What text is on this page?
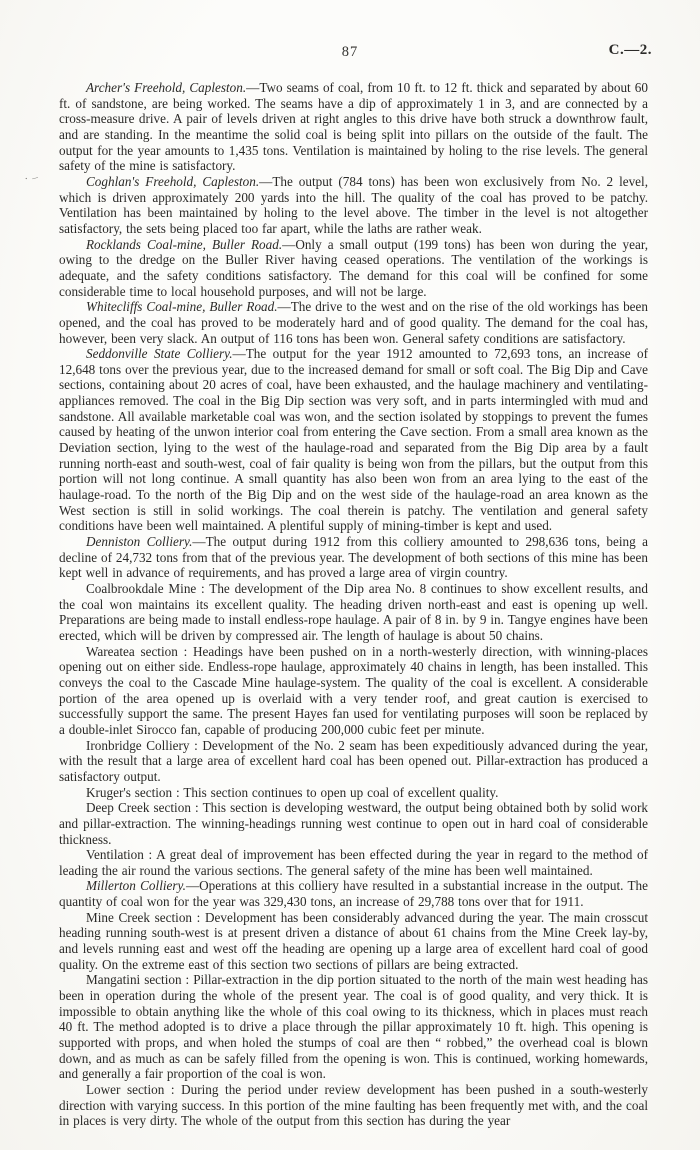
87	C.—2.
·﹘

Archer's Freehold, Capleston.—Two seams of coal, from 10 ft. to 12 ft. thick and separated by about 60 ft. of sandstone, are being worked. The seams have a dip of approximately 1 in 3, and are connected by a cross-measure drive. A pair of levels driven at right angles to this drive have both struck a downthrow fault, and are standing. In the meantime the solid coal is being split into pillars on the outside of the fault. The output for the year amounts to 1,435 tons. Ventilation is maintained by holing to the rise levels. The general safety of the mine is satisfactory.

Coghlan's Freehold, Capleston.—The output (784 tons) has been won exclusively from No. 2 level, which is driven approximately 200 yards into the hill. The quality of the coal has proved to be patchy. Ventilation has been maintained by holing to the level above. The timber in the level is not altogether satisfactory, the sets being placed too far apart, while the laths are rather weak.

Rocklands Coal-mine, Buller Road.—Only a small output (199 tons) has been won during the year, owing to the dredge on the Buller River having ceased operations. The ventilation of the workings is adequate, and the safety conditions satisfactory. The demand for this coal will be confined for some considerable time to local household purposes, and will not be large.

Whitecliffs Coal-mine, Buller Road.—The drive to the west and on the rise of the old workings has been opened, and the coal has proved to be moderately hard and of good quality. The demand for the coal has, however, been very slack. An output of 116 tons has been won. General safety conditions are satisfactory.

Seddonville State Colliery.—The output for the year 1912 amounted to 72,693 tons, an increase of 12,648 tons over the previous year, due to the increased demand for small or soft coal. The Big Dip and Cave sections, containing about 20 acres of coal, have been exhausted, and the haulage machinery and ventilating-appliances removed. The coal in the Big Dip section was very soft, and in parts intermingled with mud and sandstone. All available marketable coal was won, and the section isolated by stoppings to prevent the fumes caused by heating of the unwon interior coal from entering the Cave section. From a small area known as the Deviation section, lying to the west of the haulage-road and separated from the Big Dip area by a fault running north-east and south-west, coal of fair quality is being won from the pillars, but the output from this portion will not long continue. A small quantity has also been won from an area lying to the east of the haulage-road. To the north of the Big Dip and on the west side of the haulage-road an area known as the West section is still in solid workings. The coal therein is patchy. The ventilation and general safety conditions have been well maintained. A plentiful supply of mining-timber is kept and used.

Denniston Colliery.—The output during 1912 from this colliery amounted to 298,636 tons, being a decline of 24,732 tons from that of the previous year. The development of both sections of this mine has been kept well in advance of requirements, and has proved a large area of virgin country.

Coalbrookdale Mine : The development of the Dip area No. 8 continues to show excellent results, and the coal won maintains its excellent quality. The heading driven north-east and east is opening up well. Preparations are being made to install endless-rope haulage. A pair of 8 in. by 9 in. Tangye engines have been erected, which will be driven by compressed air. The length of haulage is about 50 chains.

Wareatea section : Headings have been pushed on in a north-westerly direction, with winning-places opening out on either side. Endless-rope haulage, approximately 40 chains in length, has been installed. This conveys the coal to the Cascade Mine haulage-system. The quality of the coal is excellent. A considerable portion of the area opened up is overlaid with a very tender roof, and great caution is exercised to successfully support the same. The present Hayes fan used for ventilating purposes will soon be replaced by a double-inlet Sirocco fan, capable of producing 200,000 cubic feet per minute.

Ironbridge Colliery : Development of the No. 2 seam has been expeditiously advanced during the year, with the result that a large area of excellent hard coal has been opened out. Pillar-extraction has produced a satisfactory output.

Kruger's section : This section continues to open up coal of excellent quality.

Deep Creek section : This section is developing westward, the output being obtained both by solid work and pillar-extraction. The winning-headings running west continue to open out in hard coal of considerable thickness.

Ventilation : A great deal of improvement has been effected during the year in regard to the method of leading the air round the various sections. The general safety of the mine has been well maintained.

Millerton Colliery.—Operations at this colliery have resulted in a substantial increase in the output. The quantity of coal won for the year was 329,430 tons, an increase of 29,788 tons over that for 1911.

Mine Creek section : Development has been considerably advanced during the year. The main crosscut heading running south-west is at present driven a distance of about 61 chains from the Mine Creek lay-by, and levels running east and west off the heading are opening up a large area of excellent hard coal of good quality. On the extreme east of this section two sections of pillars are being extracted.

Mangatini section : Pillar-extraction in the dip portion situated to the north of the main west heading has been in operation during the whole of the present year. The coal is of good quality, and very thick. It is impossible to obtain anything like the whole of this coal owing to its thickness, which in places must reach 40 ft. The method adopted is to drive a place through the pillar approximately 10 ft. high. This opening is supported with props, and when holed the stumps of coal are then “ robbed,” the overhead coal is blown down, and as much as can be safely filled from the opening is won. This is continued, working homewards, and generally a fair proportion of the coal is won.

Lower section : During the period under review development has been pushed in a south-westerly direction with varying success. In this portion of the mine faulting has been frequently met with, and the coal in places is very dirty. The whole of the output from this section has during the year
